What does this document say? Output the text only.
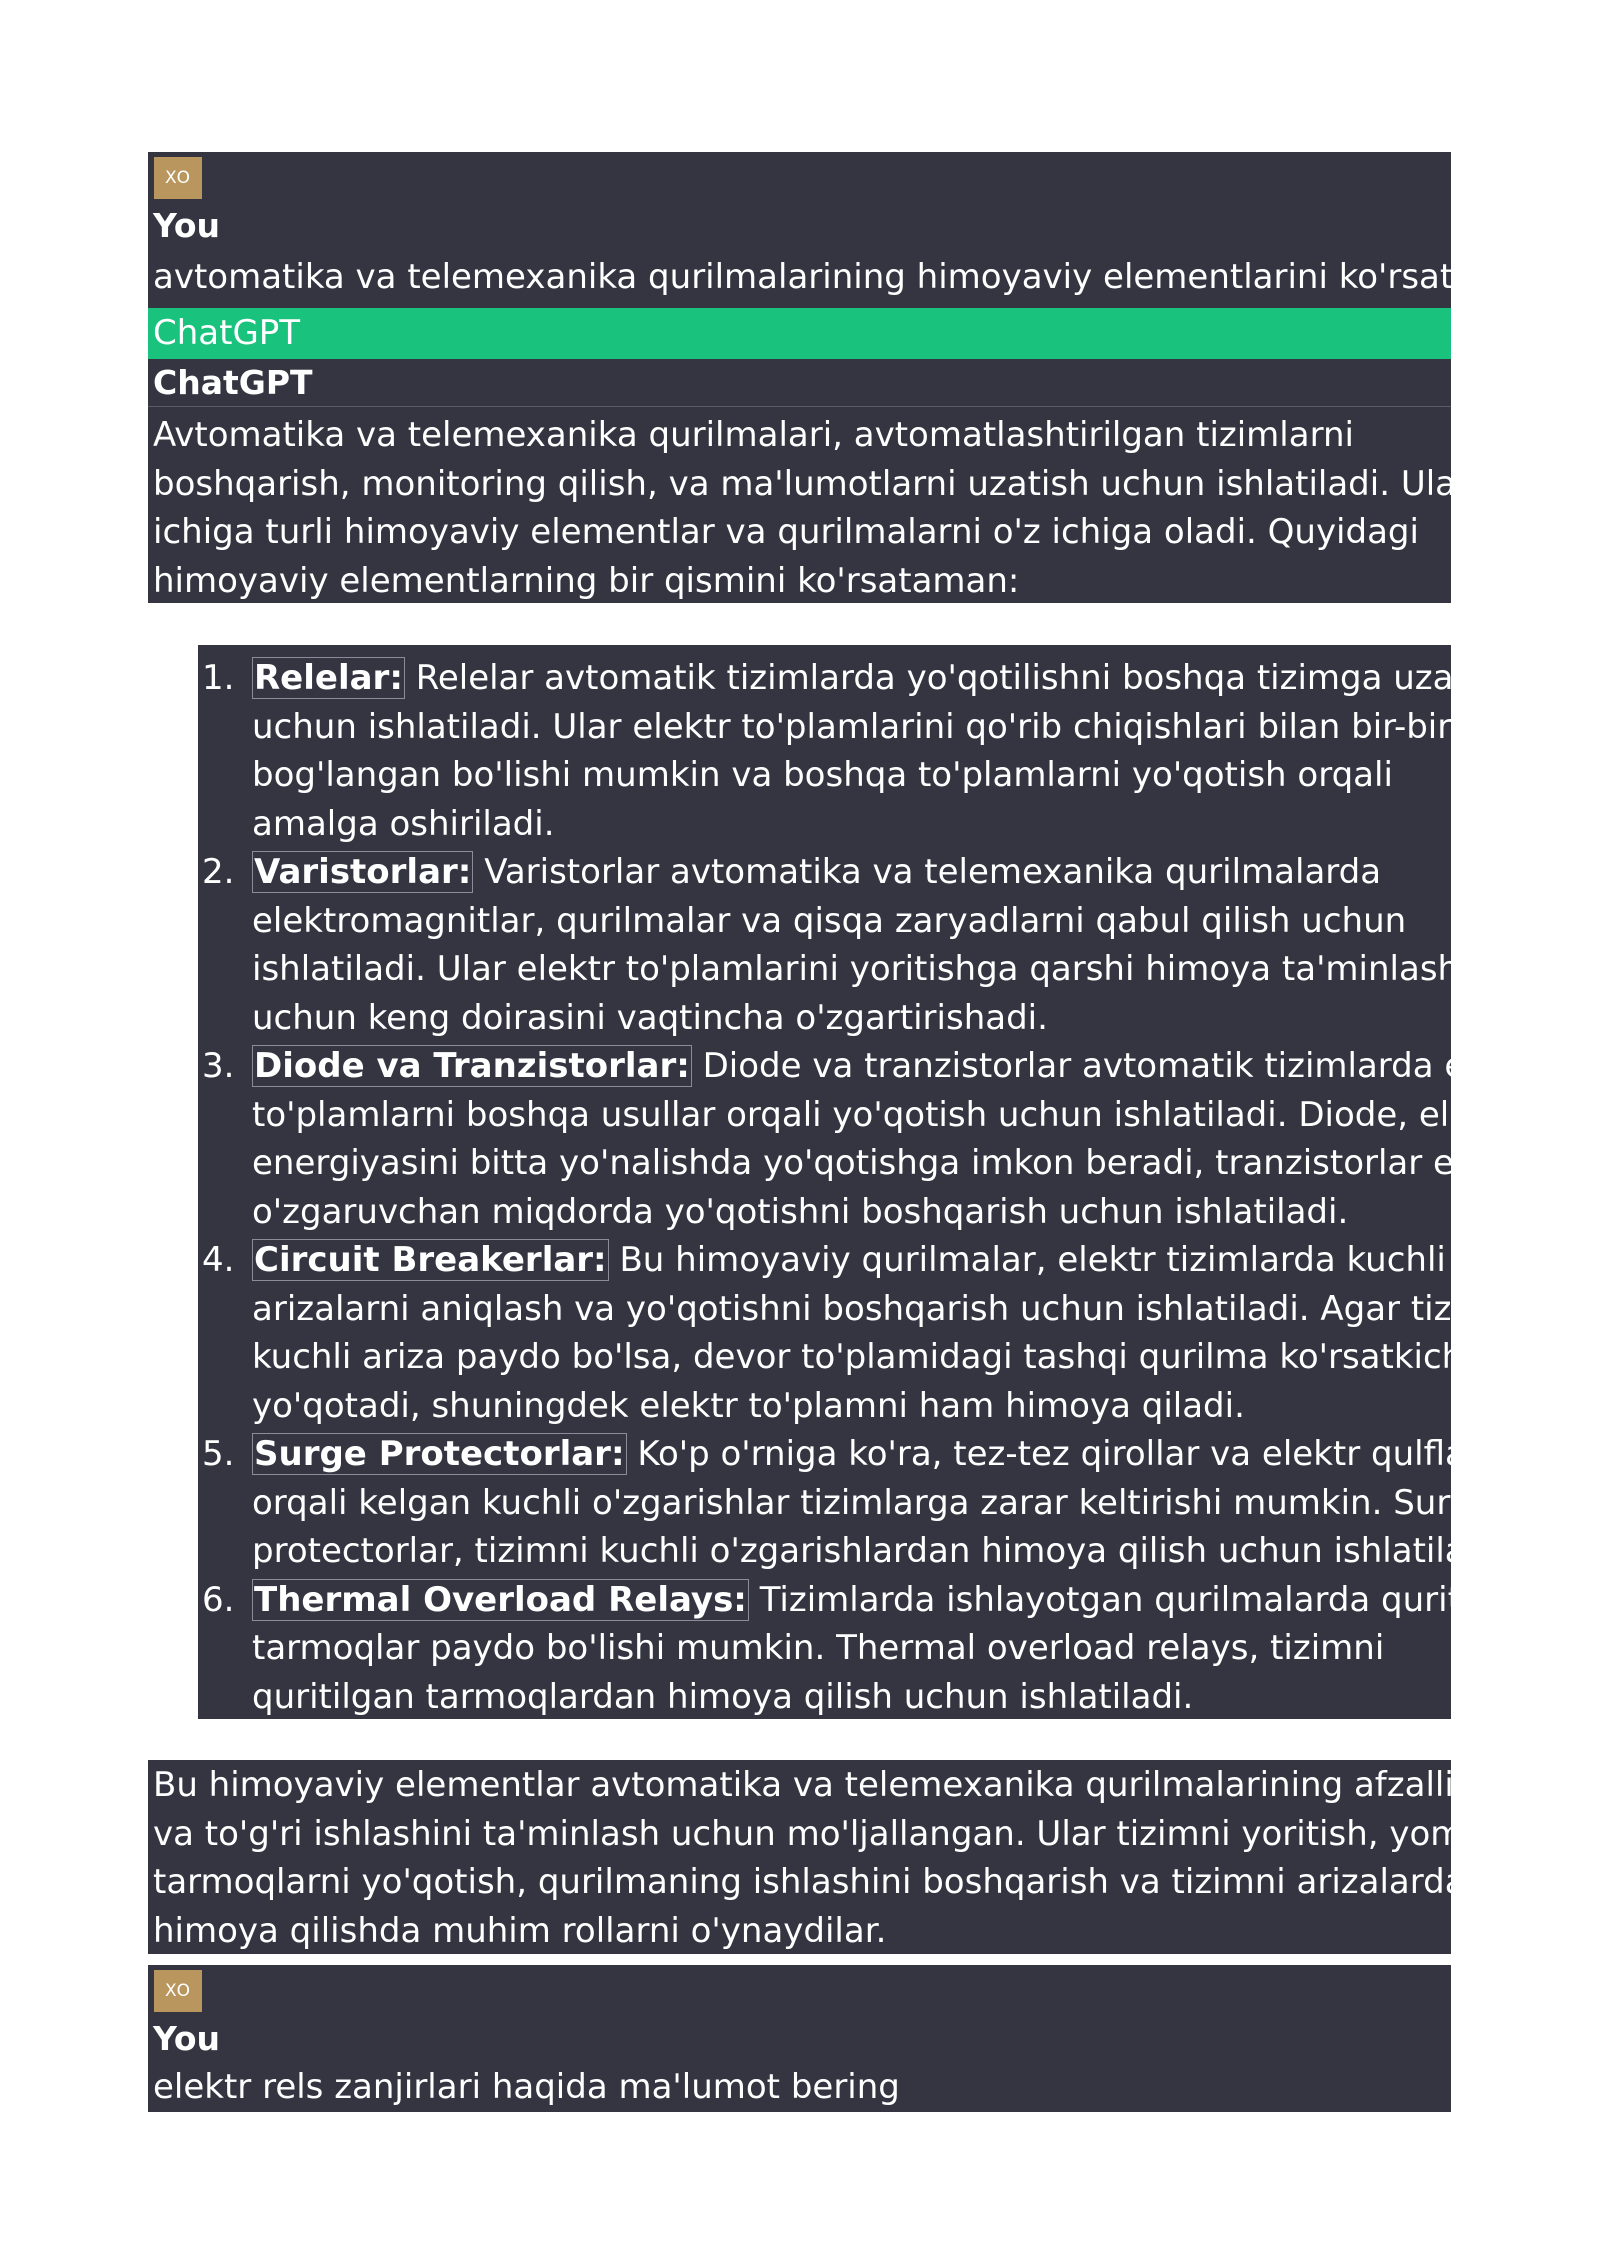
XO
You
avtomatika va telemexanika qurilmalarining himoyaviy elementlarini ko'rsating
ChatGPT
ChatGPT
Avtomatika va telemexanika qurilmalari, avtomatlashtirilgan tizimlarni
boshqarish, monitoring qilish, va ma'lumotlarni uzatish uchun ishlatiladi. Ular o'z
ichiga turli himoyaviy elementlar va qurilmalarni o'z ichiga oladi. Quyidagi
himoyaviy elementlarning bir qismini ko'rsataman:
1. Relelar: Relelar avtomatik tizimlarda yo'qotilishni boshqa tizimga uzatish
uchun ishlatiladi. Ular elektr to'plamlarini qo'rib chiqishlari bilan bir-biriga
bog'langan bo'lishi mumkin va boshqa to'plamlarni yo'qotish orqali
amalga oshiriladi.
2. Varistorlar: Varistorlar avtomatika va telemexanika qurilmalarda
elektromagnitlar, qurilmalar va qisqa zaryadlarni qabul qilish uchun
ishlatiladi. Ular elektr to'plamlarini yoritishga qarshi himoya ta'minlash
uchun keng doirasini vaqtincha o'zgartirishadi.
3. Diode va Tranzistorlar: Diode va tranzistorlar avtomatik tizimlarda elektr
to'plamlarni boshqa usullar orqali yo'qotish uchun ishlatiladi. Diode, elektr
energiyasini bitta yo'nalishda yo'qotishga imkon beradi, tranzistorlar esa
o'zgaruvchan miqdorda yo'qotishni boshqarish uchun ishlatiladi.
4. Circuit Breakerlar: Bu himoyaviy qurilmalar, elektr tizimlarda kuchli
arizalarni aniqlash va yo'qotishni boshqarish uchun ishlatiladi. Agar tizimda
kuchli ariza paydo bo'lsa, devor to'plamidagi tashqi qurilma ko'rsatkichni
yo'qotadi, shuningdek elektr to'plamni ham himoya qiladi.
5. Surge Protectorlar: Ko'p o'rniga ko'ra, tez-tez qirollar va elektr qulflar
orqali kelgan kuchli o'zgarishlar tizimlarga zarar keltirishi mumkin. Surge
protectorlar, tizimni kuchli o'zgarishlardan himoya qilish uchun ishlatiladi.
6. Thermal Overload Relays: Tizimlarda ishlayotgan qurilmalarda quritilgan
tarmoqlar paydo bo'lishi mumkin. Thermal overload relays, tizimni
quritilgan tarmoqlardan himoya qilish uchun ishlatiladi.
Bu himoyaviy elementlar avtomatika va telemexanika qurilmalarining afzalliklari
va to'g'ri ishlashini ta'minlash uchun mo'ljallangan. Ular tizimni yoritish, yomon
tarmoqlarni yo'qotish, qurilmaning ishlashini boshqarish va tizimni arizalardan
himoya qilishda muhim rollarni o'ynaydilar.
XO
You
elektr rels zanjirlari haqida ma'lumot bering
